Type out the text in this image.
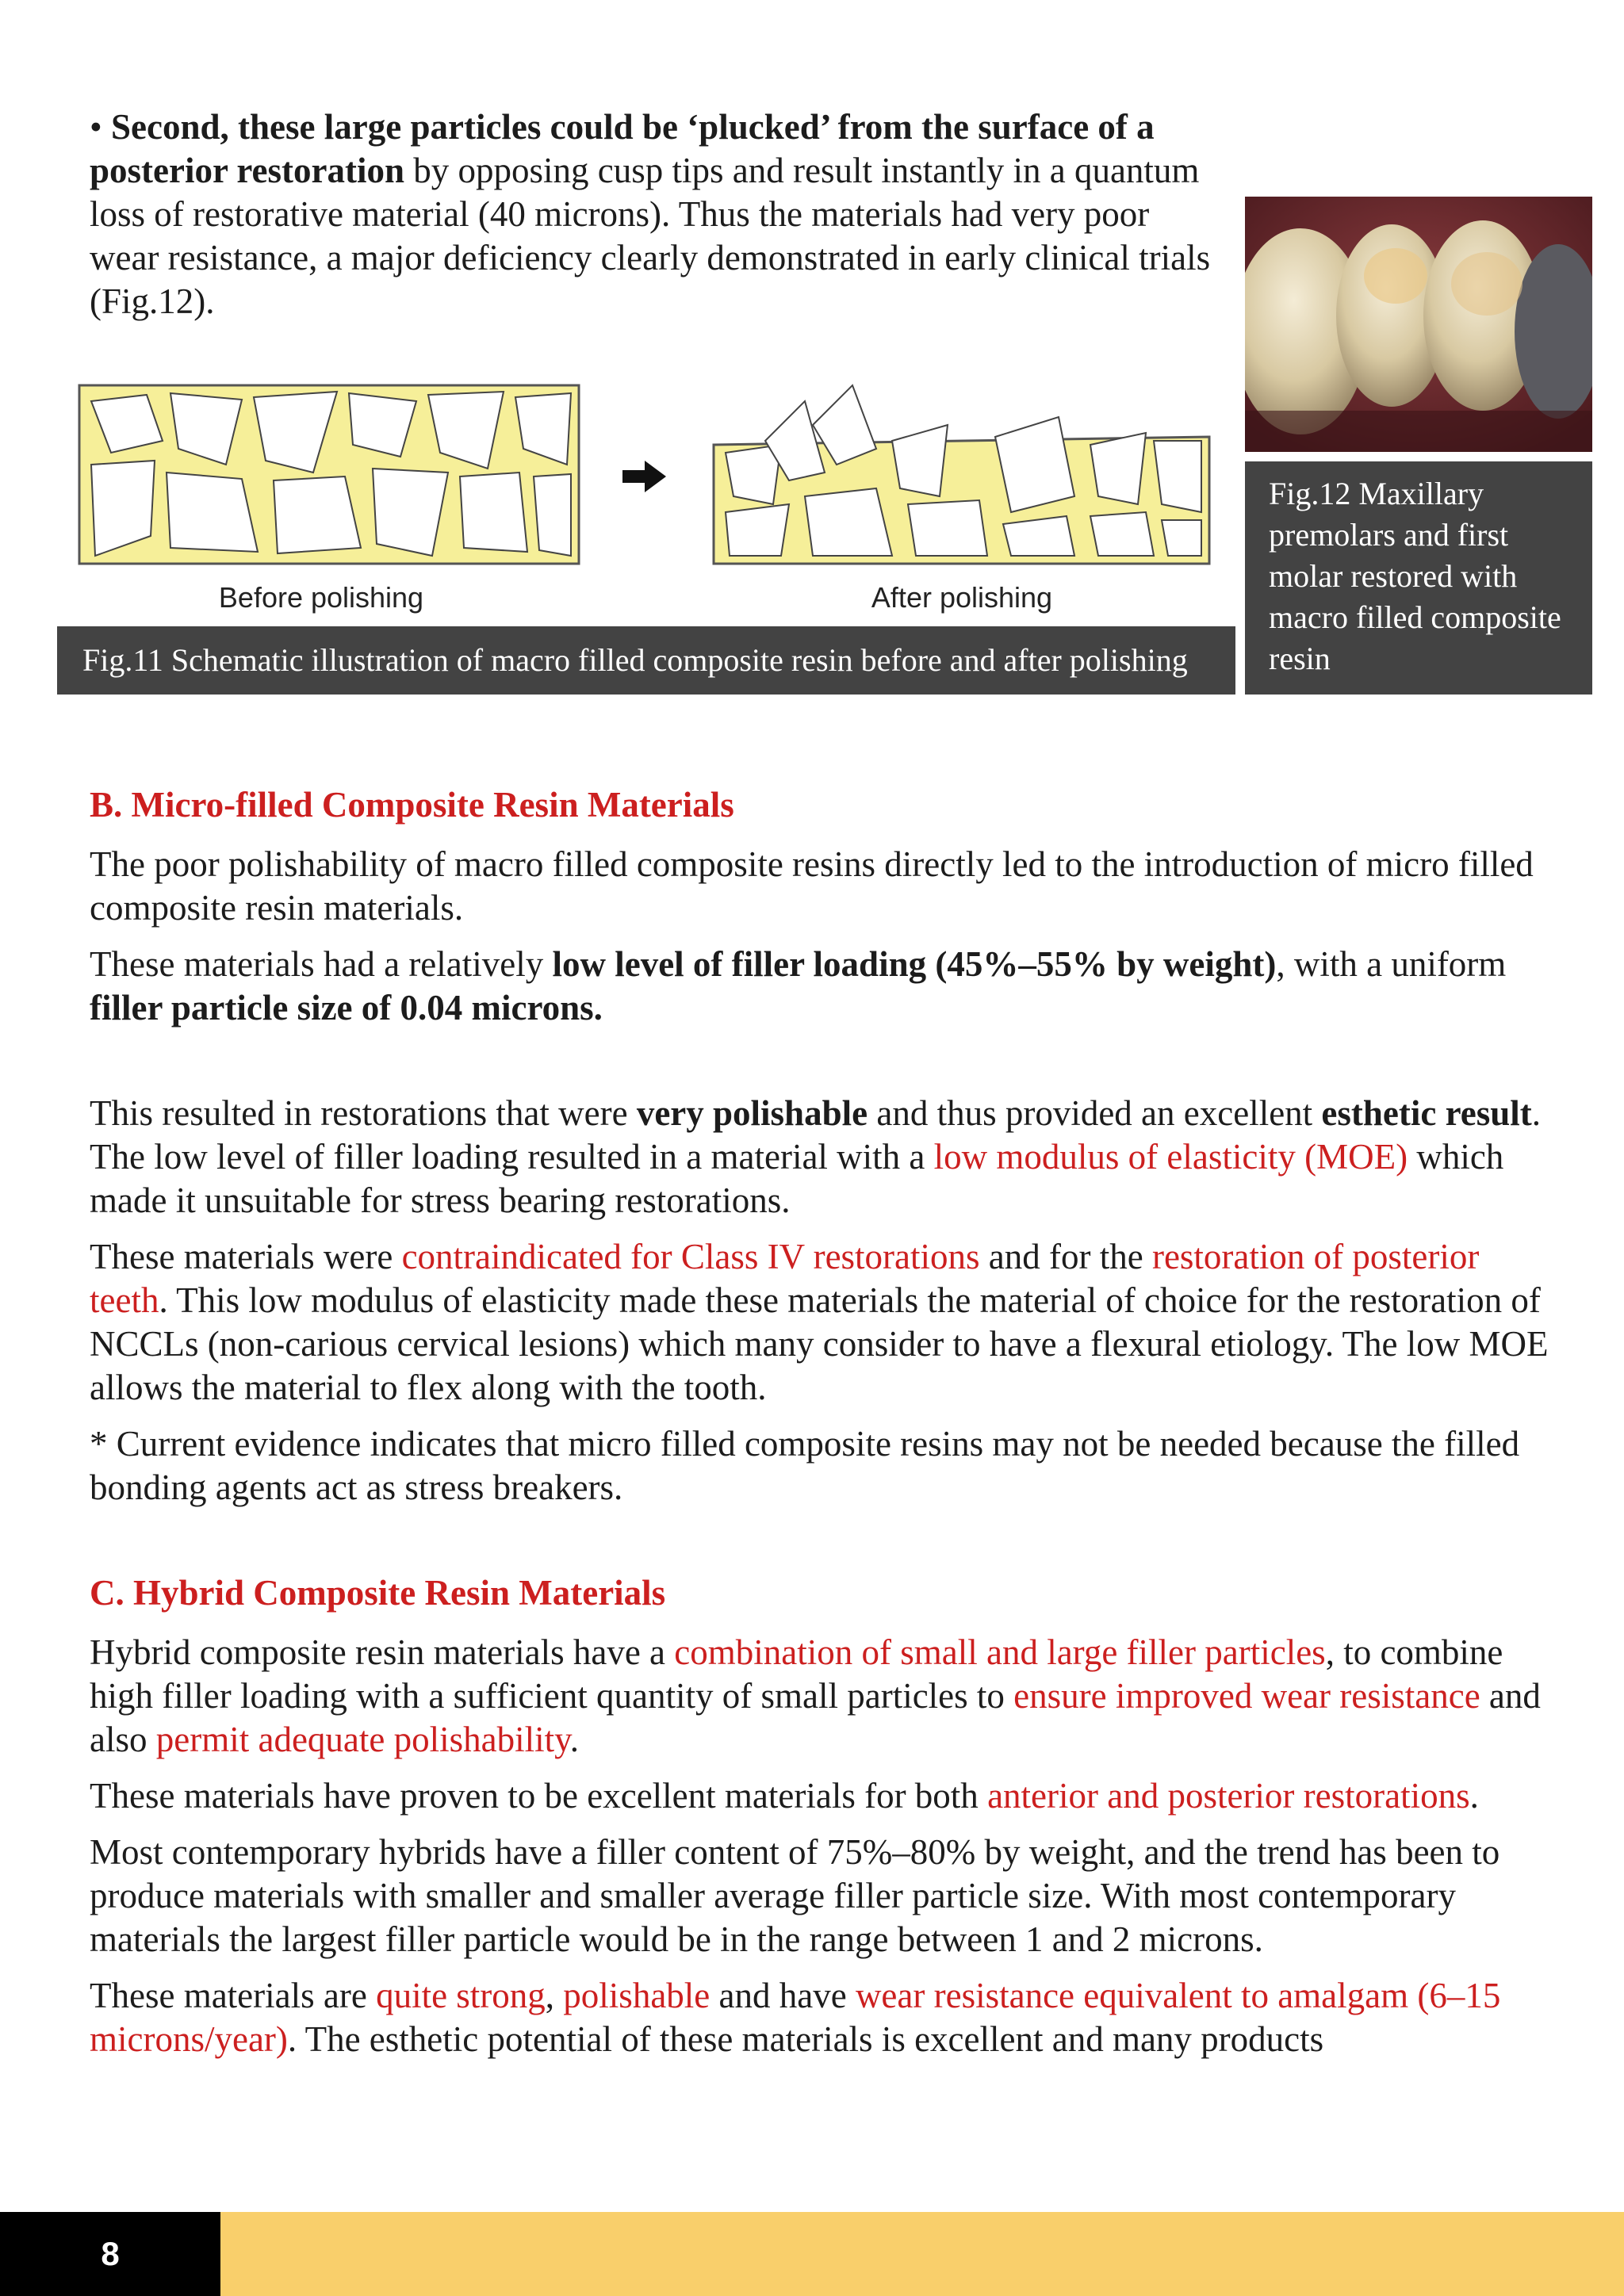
• Second, these large particles could be ‘plucked’ from the surface of a posterior restoration by opposing cusp tips and result instantly in a quantum loss of restorative material (40 microns). Thus the materials had very poor wear resistance, a major deficiency clearly demonstrated in early clinical trials (Fig.12).

Fig.12 Maxillary premolars and first molar restored with macro filled composite resin
Before polishing	After polishing
Fig.11 Schematic illustration of macro filled composite resin before and after polishing
B. Micro-filled Composite Resin Materials

The poor polishability of macro filled composite resins directly led to the introduction of micro filled composite resin materials.

These materials had a relatively low level of filler loading (45%–55% by weight), with a uniform filler particle size of 0.04 microns.

This resulted in restorations that were very polishable and thus provided an excellent esthetic result. The low level of filler loading resulted in a material with a low modulus of elasticity (MOE) which made it unsuitable for stress bearing restorations.

These materials were contraindicated for Class IV restorations and for the restoration of posterior teeth. This low modulus of elasticity made these materials the material of choice for the restoration of NCCLs (non-carious cervical lesions) which many consider to have a flexural etiology. The low MOE allows the material to flex along with the tooth.

* Current evidence indicates that micro filled composite resins may not be needed because the filled bonding agents act as stress breakers.

C. Hybrid Composite Resin Materials

Hybrid composite resin materials have a combination of small and large filler particles, to combine high filler loading with a sufficient quantity of small particles to ensure improved wear resistance and also permit adequate polishability.

These materials have proven to be excellent materials for both anterior and posterior restorations.

Most contemporary hybrids have a filler content of 75%–80% by weight, and the trend has been to produce materials with smaller and smaller average filler particle size. With most contemporary materials the largest filler particle would be in the range between 1 and 2 microns.

These materials are quite strong, polishable and have wear resistance equivalent to amalgam (6–15 microns/year). The esthetic potential of these materials is excellent and many products

8
